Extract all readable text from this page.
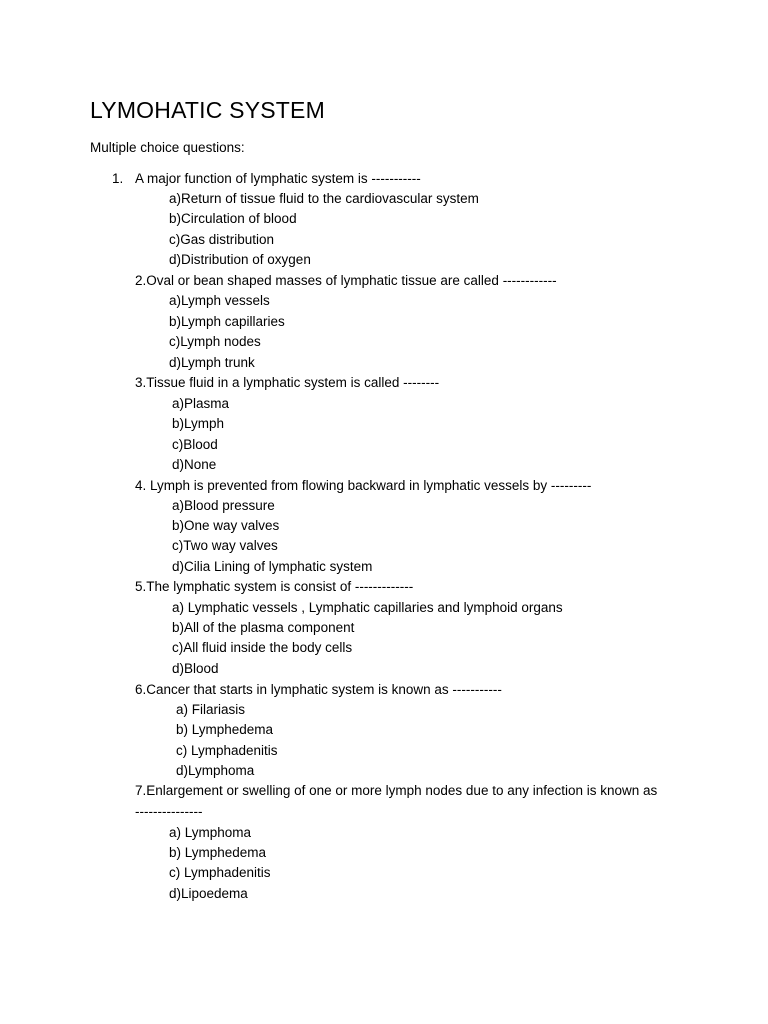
LYMOHATIC SYSTEM
Multiple choice questions:
1. A major function of lymphatic system is -----------
a)Return of tissue fluid to the cardiovascular system
b)Circulation of blood
c)Gas distribution
d)Distribution of oxygen
2.Oval or bean shaped masses of lymphatic tissue are called ------------
a)Lymph vessels
b)Lymph capillaries
c)Lymph nodes
d)Lymph trunk
3.Tissue fluid in a lymphatic system is called --------
a)Plasma
b)Lymph
c)Blood
d)None
4. Lymph is prevented from flowing backward in lymphatic vessels by ---------
a)Blood pressure
b)One way valves
c)Two way valves
d)Cilia Lining of lymphatic system
5.The lymphatic system is consist of -------------
a) Lymphatic vessels , Lymphatic capillaries and lymphoid organs
b)All of the plasma component
c)All fluid inside the body cells
d)Blood
6.Cancer that starts in lymphatic system is known as -----------
a) Filariasis
b) Lymphedema
c) Lymphadenitis
d)Lymphoma
7.Enlargement or swelling of one or more lymph nodes due to any infection is known as
---------------
a) Lymphoma
b) Lymphedema
c) Lymphadenitis
d)Lipoedema
